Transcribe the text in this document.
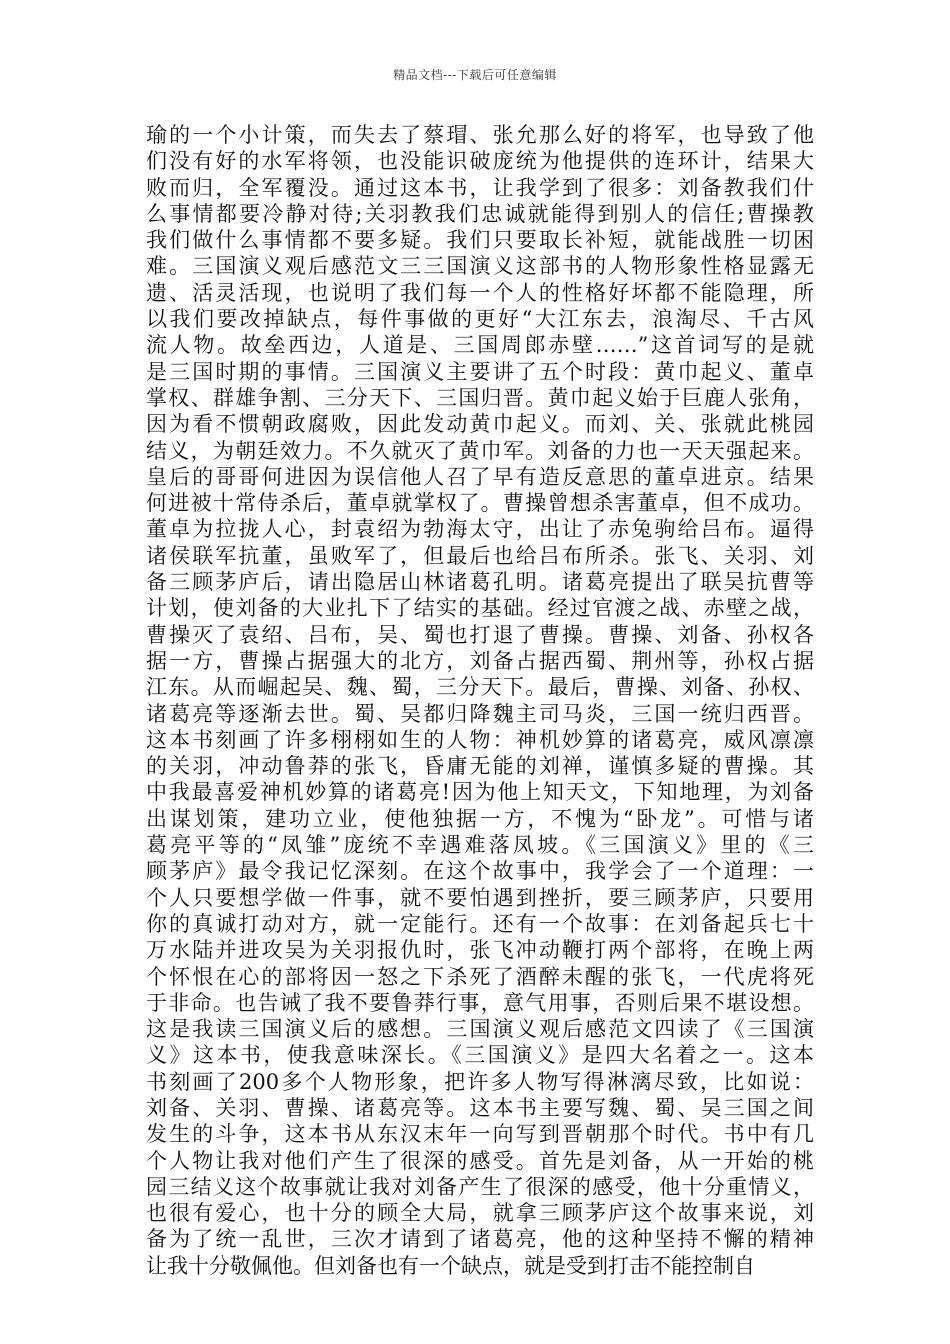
精品文档---下载后可任意编辑
瑜的一个小计策，而失去了蔡瑁、张允那么好的将军，也导致了他
们没有好的水军将领，也没能识破庞统为他提供的连环计，结果大
败而归，全军覆没。通过这本书，让我学到了很多：刘备教我们什
么事情都要冷静对待;关羽教我们忠诚就能得到别人的信任;曹操教
我们做什么事情都不要多疑。我们只要取长补短，就能战胜一切困
难。三国演义观后感范文三三国演义这部书的人物形象性格显露无
遗、活灵活现，也说明了我们每一个人的性格好坏都不能隐理，所
以我们要改掉缺点，每件事做的更好“大江东去，浪淘尽、千古风
流人物。故垒西边，人道是、三国周郎赤壁……”这首词写的是就
是三国时期的事情。三国演义主要讲了五个时段：黄巾起义、董卓
掌权、群雄争割、三分天下、三国归晋。黄巾起义始于巨鹿人张角，
因为看不惯朝政腐败，因此发动黄巾起义。而刘、关、张就此桃园
结义，为朝廷效力。不久就灭了黄巾军。刘备的力也一天天强起来。
皇后的哥哥何进因为误信他人召了早有造反意思的董卓进京。结果
何进被十常侍杀后，董卓就掌权了。曹操曾想杀害董卓，但不成功。
董卓为拉拢人心，封袁绍为勃海太守，出让了赤兔驹给吕布。逼得
诸侯联军抗董，虽败军了，但最后也给吕布所杀。张飞、关羽、刘
备三顾茅庐后，请出隐居山林诸葛孔明。诸葛亮提出了联吴抗曹等
计划，使刘备的大业扎下了结实的基础。经过官渡之战、赤壁之战，
曹操灭了袁绍、吕布，吴、蜀也打退了曹操。曹操、刘备、孙权各
据一方，曹操占据强大的北方，刘备占据西蜀、荆州等，孙权占据
江东。从而崛起吴、魏、蜀，三分天下。最后，曹操、刘备、孙权、
诸葛亮等逐渐去世。蜀、吴都归降魏主司马炎，三国一统归西晋。
这本书刻画了许多栩栩如生的人物：神机妙算的诸葛亮，威风凛凛
的关羽，冲动鲁莽的张飞，昏庸无能的刘禅，谨慎多疑的曹操。其
中我最喜爱神机妙算的诸葛亮!因为他上知天文，下知地理，为刘备
出谋划策，建功立业，使他独据一方，不愧为“卧龙”。可惜与诸
葛亮平等的“凤雏”庞统不幸遇难落凤坡。《三国演义》里的《三
顾茅庐》最令我记忆深刻。在这个故事中，我学会了一个道理：一
个人只要想学做一件事，就不要怕遇到挫折，要三顾茅庐，只要用
你的真诚打动对方，就一定能行。还有一个故事：在刘备起兵七十
万水陆并进攻吴为关羽报仇时，张飞冲动鞭打两个部将，在晚上两
个怀恨在心的部将因一怒之下杀死了酒醉未醒的张飞，一代虎将死
于非命。也告诫了我不要鲁莽行事，意气用事，否则后果不堪设想。
这是我读三国演义后的感想。三国演义观后感范文四读了《三国演
义》这本书，使我意味深长。《三国演义》是四大名着之一。这本
书刻画了200多个人物形象，把许多人物写得淋漓尽致，比如说：
刘备、关羽、曹操、诸葛亮等。这本书主要写魏、蜀、吴三国之间
发生的斗争，这本书从东汉末年一向写到晋朝那个时代。书中有几
个人物让我对他们产生了很深的感受。首先是刘备，从一开始的桃
园三结义这个故事就让我对刘备产生了很深的感受，他十分重情义，
也很有爱心，也十分的顾全大局，就拿三顾茅庐这个故事来说，刘
备为了统一乱世，三次才请到了诸葛亮，他的这种坚持不懈的精神
让我十分敬佩他。但刘备也有一个缺点，就是受到打击不能控制自
